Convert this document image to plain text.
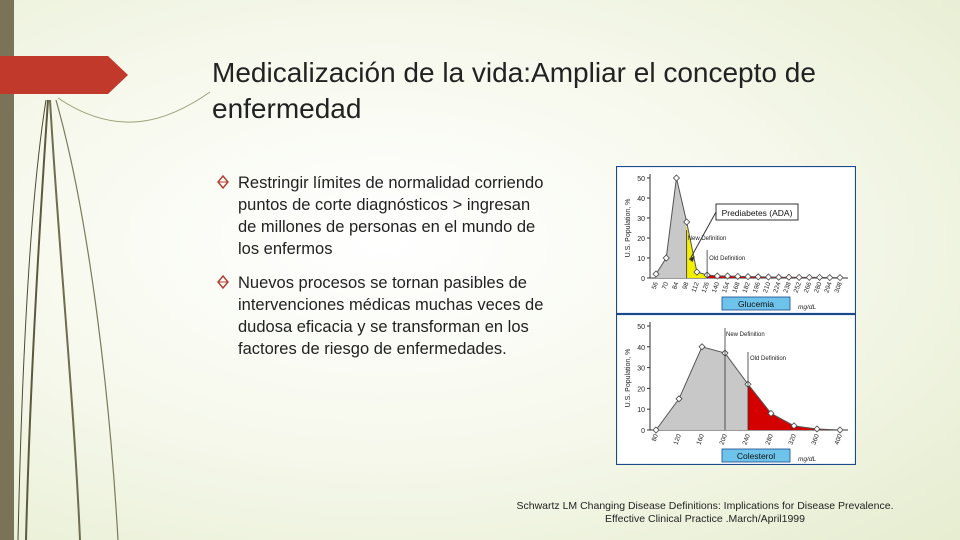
Medicalización de la vida:Ampliar el concepto de enfermedad
Restringir límites de normalidad corriendo puntos de corte diagnósticos > ingresan de millones de personas en el mundo de los enfermos
Nuevos procesos se tornan pasibles de intervenciones médicas muchas veces de dudosa eficacia y se transforman en los factores de riesgo de enfermedades.
0
10
20
30
40
50
U.S. Population, %
56 70 84 98 112 126 140 154 168 182 196 210 224 238 252 266 280 294 308
New Definition
Old Definition
Glucemia	mg/dL
Prediabetes (ADA)
0
10
20
30
40
50
U.S. Population, %
80 120 160 200 240 280 320 360 400
New Definition
Old Definition
Colesterol	mg/dL
Schwartz LM Changing Disease Definitions: Implications for Disease Prevalence.
Effective Clinical Practice .March/April1999
